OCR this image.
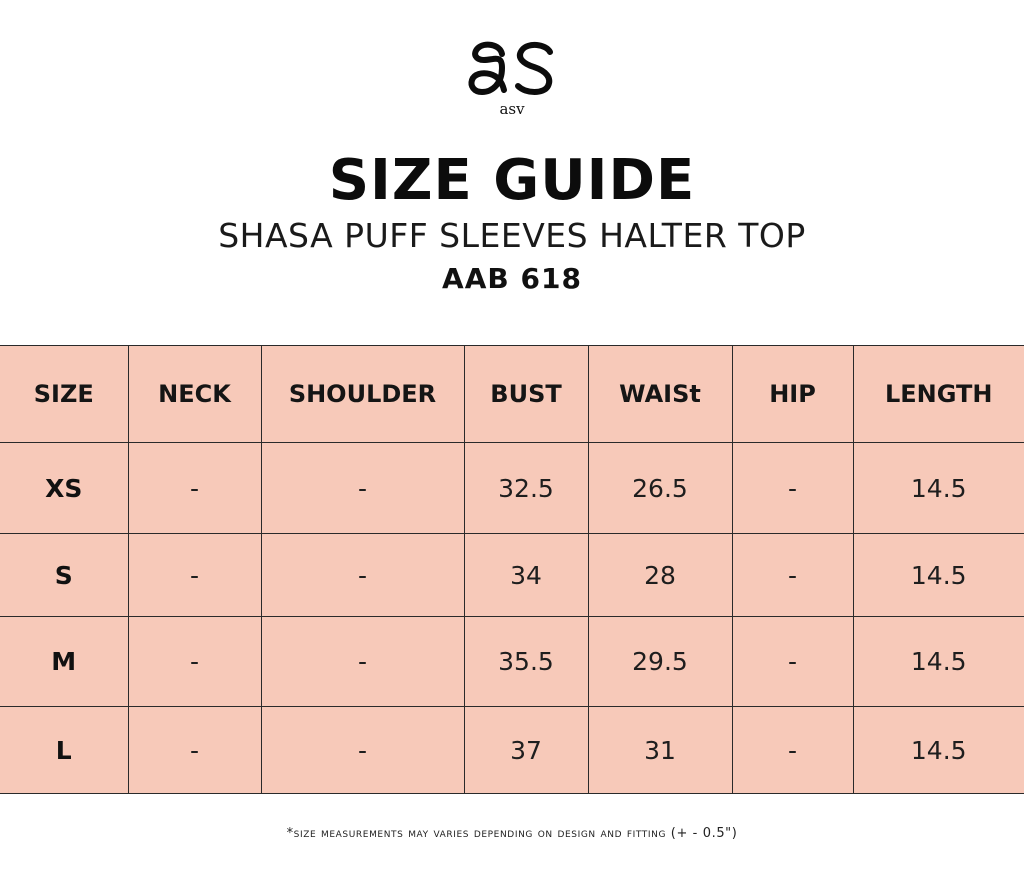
asv
SIZE GUIDE
SHASA PUFF SLEEVES HALTER TOP
AAB 618
SIZE	NECK	SHOULDER	BUST	WAISt	HIP	LENGTH
XS	-	-	32.5	26.5	-	14.5
S	-	-	34	28	-	14.5
M	-	-	35.5	29.5	-	14.5
L	-	-	37	31	-	14.5
*size measurements may varies depending on design and fitting (+ - 0.5")
